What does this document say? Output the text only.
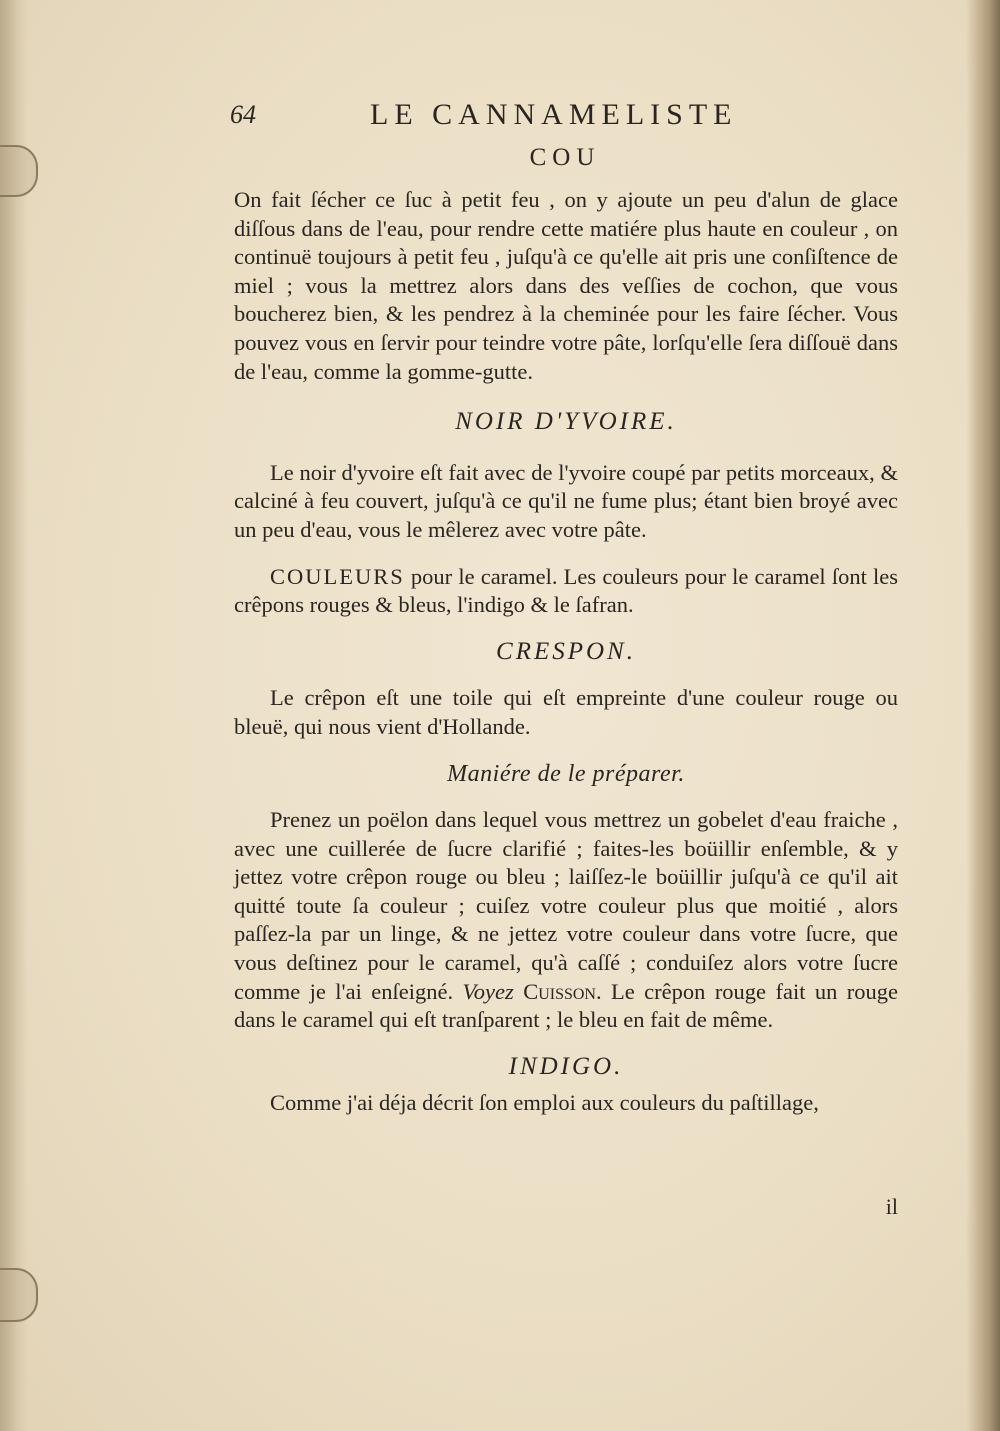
64	LE CANNAMELISTE
COU

On fait ſécher ce ſuc à petit feu , on y ajoute un peu d'alun de glace diſſous dans de l'eau, pour rendre cette matiére plus haute en couleur , on continuë toujours à petit feu , juſqu'à ce qu'elle ait pris une conſiſtence de miel ; vous la mettrez alors dans des veſſies de cochon, que vous boucherez bien, & les pendrez à la cheminée pour les faire ſécher. Vous pouvez vous en ſervir pour teindre votre pâte, lorſqu'elle ſera diſſouë dans de l'eau, comme la gomme-gutte.

NOIR D'YVOIRE.

Le noir d'yvoire eſt fait avec de l'yvoire coupé par petits morceaux, & calciné à feu couvert, juſqu'à ce qu'il ne fume plus; étant bien broyé avec un peu d'eau, vous le mêlerez avec votre pâte.

COULEURS pour le caramel. Les couleurs pour le caramel ſont les crêpons rouges & bleus, l'indigo & le ſafran.

CRESPON.

Le crêpon eſt une toile qui eſt empreinte d'une couleur rouge ou bleuë, qui nous vient d'Hollande.

Maniére de le préparer.

Prenez un poëlon dans lequel vous mettrez un gobelet d'eau fraiche , avec une cuillerée de ſucre clarifié ; faites-les boüillir enſemble, & y jettez votre crêpon rouge ou bleu ; laiſſez-le boüillir juſqu'à ce qu'il ait quitté toute ſa couleur ; cuiſez votre couleur plus que moitié , alors paſſez-la par un linge, & ne jettez votre couleur dans votre ſucre, que vous deſtinez pour le caramel, qu'à caſſé ; conduiſez alors votre ſucre comme je l'ai enſeigné. Voyez Cuisson. Le crêpon rouge fait un rouge dans le caramel qui eſt tranſparent ; le bleu en fait de même.

INDIGO.

Comme j'ai déja décrit ſon emploi aux couleurs du paſtillage,

il
